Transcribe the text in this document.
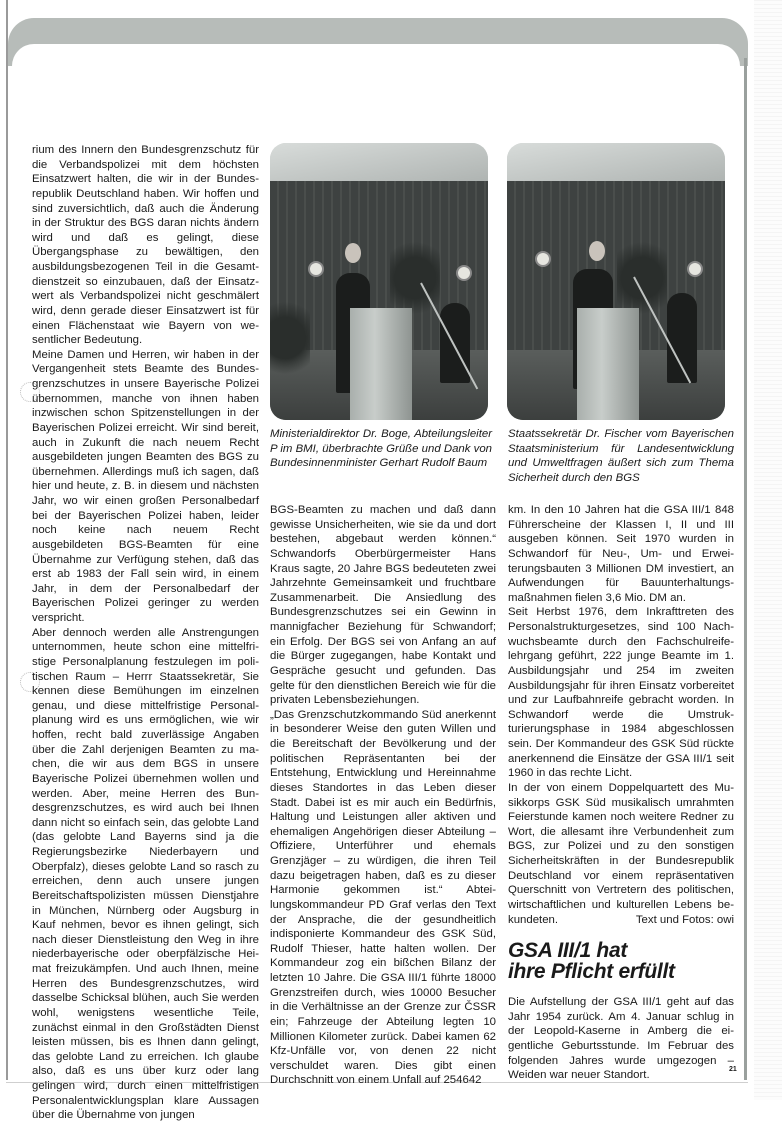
rium des Innern den Bundesgrenzschutz für die Verbandspolizei mit dem höchsten Einsatzwert halten, die wir in der Bundesrepublik Deutschland haben. Wir hoffen und sind zuversichtlich, daß auch die Änderung in der Struktur des BGS daran nichts ändern wird und daß es gelingt, diese Übergangsphase zu bewältigen, den ausbildungsbezogenen Teil in die Gesamtdienstzeit so einzubauen, daß der Einsatzwert als Verbandspolizei nicht geschmälert wird, denn gerade dieser Einsatzwert ist für einen Flächenstaat wie Bayern von wesentlicher Bedeutung.

Meine Damen und Herren, wir haben in der Vergangenheit stets Beamte des Bundesgrenzschutzes in unsere Bayerische Polizei übernommen, manche von ihnen haben inzwischen schon Spitzenstellungen in der Bayerischen Polizei erreicht. Wir sind bereit, auch in Zukunft die nach neuem Recht ausgebildeten jungen Beamten des BGS zu übernehmen. Allerdings muß ich sagen, daß hier und heute, z. B. in diesem und nächsten Jahr, wo wir einen großen Personalbedarf bei der Bayerischen Polizei haben, leider noch keine nach neuem Recht ausgebildeten BGS-Beamten für eine Übernahme zur Verfügung stehen, daß das erst ab 1983 der Fall sein wird, in einem Jahr, in dem der Personalbedarf der Bayerischen Polizei geringer zu werden verspricht.

Aber dennoch werden alle Anstrengungen unternommen, heute schon eine mittelfristige Personalplanung festzulegen im politischen Raum – Herrr Staatssekretär, Sie kennen diese Bemühungen im einzelnen genau, und diese mittelfristige Personalplanung wird es uns ermöglichen, wie wir hoffen, recht bald zuverlässige Angaben über die Zahl derjenigen Beamten zu machen, die wir aus dem BGS in unsere Bayerische Polizei übernehmen wollen und werden. Aber, meine Herren des Bundesgrenzschutzes, es wird auch bei Ihnen dann nicht so einfach sein, das gelobte Land (das gelobte Land Bayerns sind ja die Regierungsbezirke Niederbayern und Oberpfalz), dieses gelobte Land so rasch zu erreichen, denn auch unsere jungen Bereitschaftspolizisten müssen Dienstjahre in München, Nürnberg oder Augsburg in Kauf nehmen, bevor es ihnen gelingt, sich nach dieser Dienstleistung den Weg in ihre niederbayerische oder oberpfälzische Heimat freizukämpfen. Und auch Ihnen, meine Herren des Bundesgrenzschutzes, wird dasselbe Schicksal blühen, auch Sie werden wohl, wenigstens wesentliche Teile, zunächst einmal in den Großstädten Dienst leisten müssen, bis es Ihnen dann gelingt, das gelobte Land zu erreichen. Ich glaube also, daß es uns über kurz oder lang gelingen wird, durch einen mittelfristigen Personalentwicklungsplan klare Aussagen über die Übernahme von jungen

Ministerialdirektor Dr. Boge, Abteilungsleiter P im BMI, überbrachte Grüße und Dank von Bundesinnenminister Gerhart Rudolf Baum
Staatssekretär Dr. Fischer vom Bayerischen Staatsministerium für Landesentwicklung und Umweltfragen äußert sich zum Thema Sicherheit durch den BGS

BGS-Beamten zu machen und daß dann gewisse Unsicherheiten, wie sie da und dort bestehen, abgebaut werden können.“ Schwandorfs Oberbürgermeister Hans Kraus sagte, 20 Jahre BGS bedeuteten zwei Jahrzehnte Gemeinsamkeit und fruchtbare Zusammenarbeit. Die Ansiedlung des Bundesgrenzschutzes sei ein Gewinn in mannigfacher Beziehung für Schwandorf; ein Erfolg. Der BGS sei von Anfang an auf die Bürger zugegangen, habe Kontakt und Gespräche gesucht und gefunden. Das gelte für den dienstlichen Bereich wie für die privaten Lebensbeziehungen.

„Das Grenzschutzkommando Süd anerkennt in besonderer Weise den guten Willen und die Bereitschaft der Bevölkerung und der politischen Repräsentanten bei der Entstehung, Entwicklung und Hereinnahme dieses Standortes in das Leben dieser Stadt. Dabei ist es mir auch ein Bedürfnis, Haltung und Leistungen aller aktiven und ehemaligen Angehörigen dieser Abteilung – Offiziere, Unterführer und ehemals Grenzjäger – zu würdigen, die ihren Teil dazu beigetragen haben, daß es zu dieser Harmonie gekommen ist.“ Abteilungskommandeur PD Graf verlas den Text der Ansprache, die der gesundheitlich indisponierte Kommandeur des GSK Süd, Rudolf Thieser, hatte halten wollen. Der Kommandeur zog ein bißchen Bilanz der letzten 10 Jahre. Die GSA III/1 führte 18000 Grenzstreifen durch, wies 10000 Besucher in die Verhältnisse an der Grenze zur ČSSR ein; Fahrzeuge der Abteilung legten 10 Millionen Kilometer zurück. Dabei kamen 62 Kfz-Unfälle vor, von denen 22 nicht verschuldet waren. Dies gibt einen Durchschnitt von einem Unfall auf 254642

km. In den 10 Jahren hat die GSA III/1 848 Führerscheine der Klassen I, II und III ausgeben können. Seit 1970 wurden in Schwandorf für Neu-, Um- und Erweiterungsbauten 3 Millionen DM investiert, an Aufwendungen für Bauunterhaltungsmaßnahmen fielen 3,6 Mio. DM an.

Seit Herbst 1976, dem Inkrafttreten des Personalstrukturgesetzes, sind 100 Nachwuchsbeamte durch den Fachschulreifelehrgang geführt, 222 junge Beamte im 1. Ausbildungsjahr und 254 im zweiten Ausbildungsjahr für ihren Einsatz vorbereitet und zur Laufbahnreife gebracht worden. In Schwandorf werde die Umstrukturierungsphase in 1984 abgeschlossen sein. Der Kommandeur des GSK Süd rückte anerkennend die Einsätze der GSA III/1 seit 1960 in das rechte Licht.

In der von einem Doppelquartett des Musikkorps GSK Süd musikalisch umrahmten Feierstunde kamen noch weitere Redner zu Wort, die allesamt ihre Verbundenheit zum BGS, zur Polizei und zu den sonstigen Sicherheitskräften in der Bundesrepublik Deutschland vor einem repräsentativen Querschnitt von Vertretern des politischen, wirtschaftlichen und kulturellen Lebens bekundeten.	Text und Fotos: owi

GSA III/1 hat
ihre Pflicht erfüllt

Die Aufstellung der GSA III/1 geht auf das Jahr 1954 zurück. Am 4. Januar schlug in der Leopold-Kaserne in Amberg die eigentliche Geburtsstunde. Im Februar des folgenden Jahres wurde umgezogen – Weiden war neuer Standort.	21
